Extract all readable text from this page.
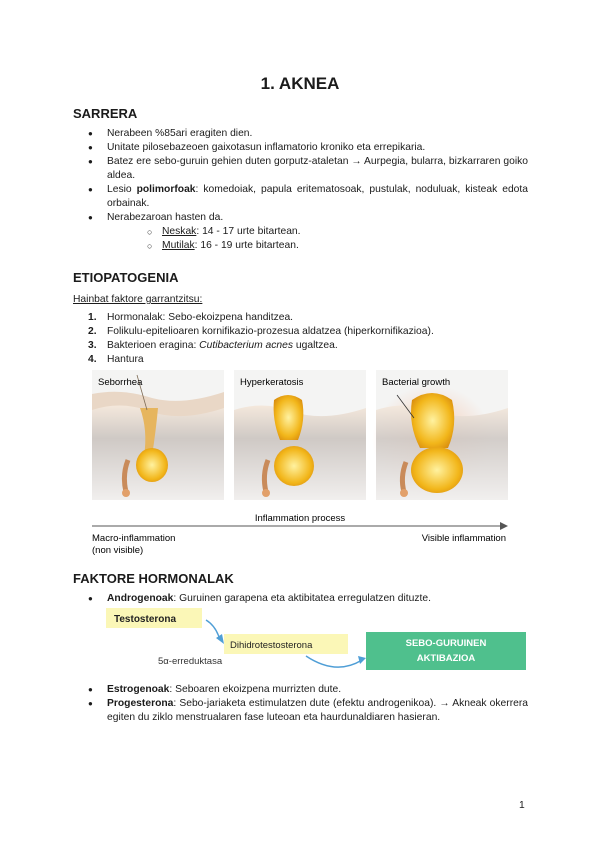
1. AKNEA
SARRERA
● Nerabeen %85ari eragiten dien.
● Unitate pilosebazeoen gaixotasun inflamatorio kroniko eta errepikaria.
● Batez ere sebo-guruin gehien duten gorputz-ataletan → Aurpegia, bularra, bizkarraren goiko aldea.
● Lesio polimorfoak: komedoiak, papula eritematosoak, pustulak, noduluak, kisteak edota orbainak.
● Nerabezaroan hasten da.
○ Neskak: 14 - 17 urte bitartean.
○ Mutilak: 16 - 19 urte bitartean.
ETIOPATOGENIA
Hainbat faktore garrantzitsu:
1. Hormonalak: Sebo-ekoizpena handitzea.
2. Folikulu-epitelioaren kornifikazio-prozesua aldatzea (hiperkornifikazioa).
3. Bakterioen eragina: Cutibacterium acnes ugaltzea.
4. Hantura
Seborrhea	Hyperkeratosis	Bacterial growth
Inflammation process
Macro-inflammation
(non visible)
Visible inflammation
FAKTORE HORMONALAK
● Androgenoak: Guruinen garapena eta aktibitatea erregulatzen dituzte.
Testosterona
Dihidrotestosterona	SEBO-GURUINEN
AKTIBAZIOA
5α-erreduktasa
● Estrogenoak: Seboaren ekoizpena murrizten dute.
● Progesterona: Sebo-jariaketa estimulatzen dute (efektu androgenikoa). → Akneak okerrera egiten du ziklo menstrualaren fase luteoan eta haurdunaldiaren hasieran.
1
